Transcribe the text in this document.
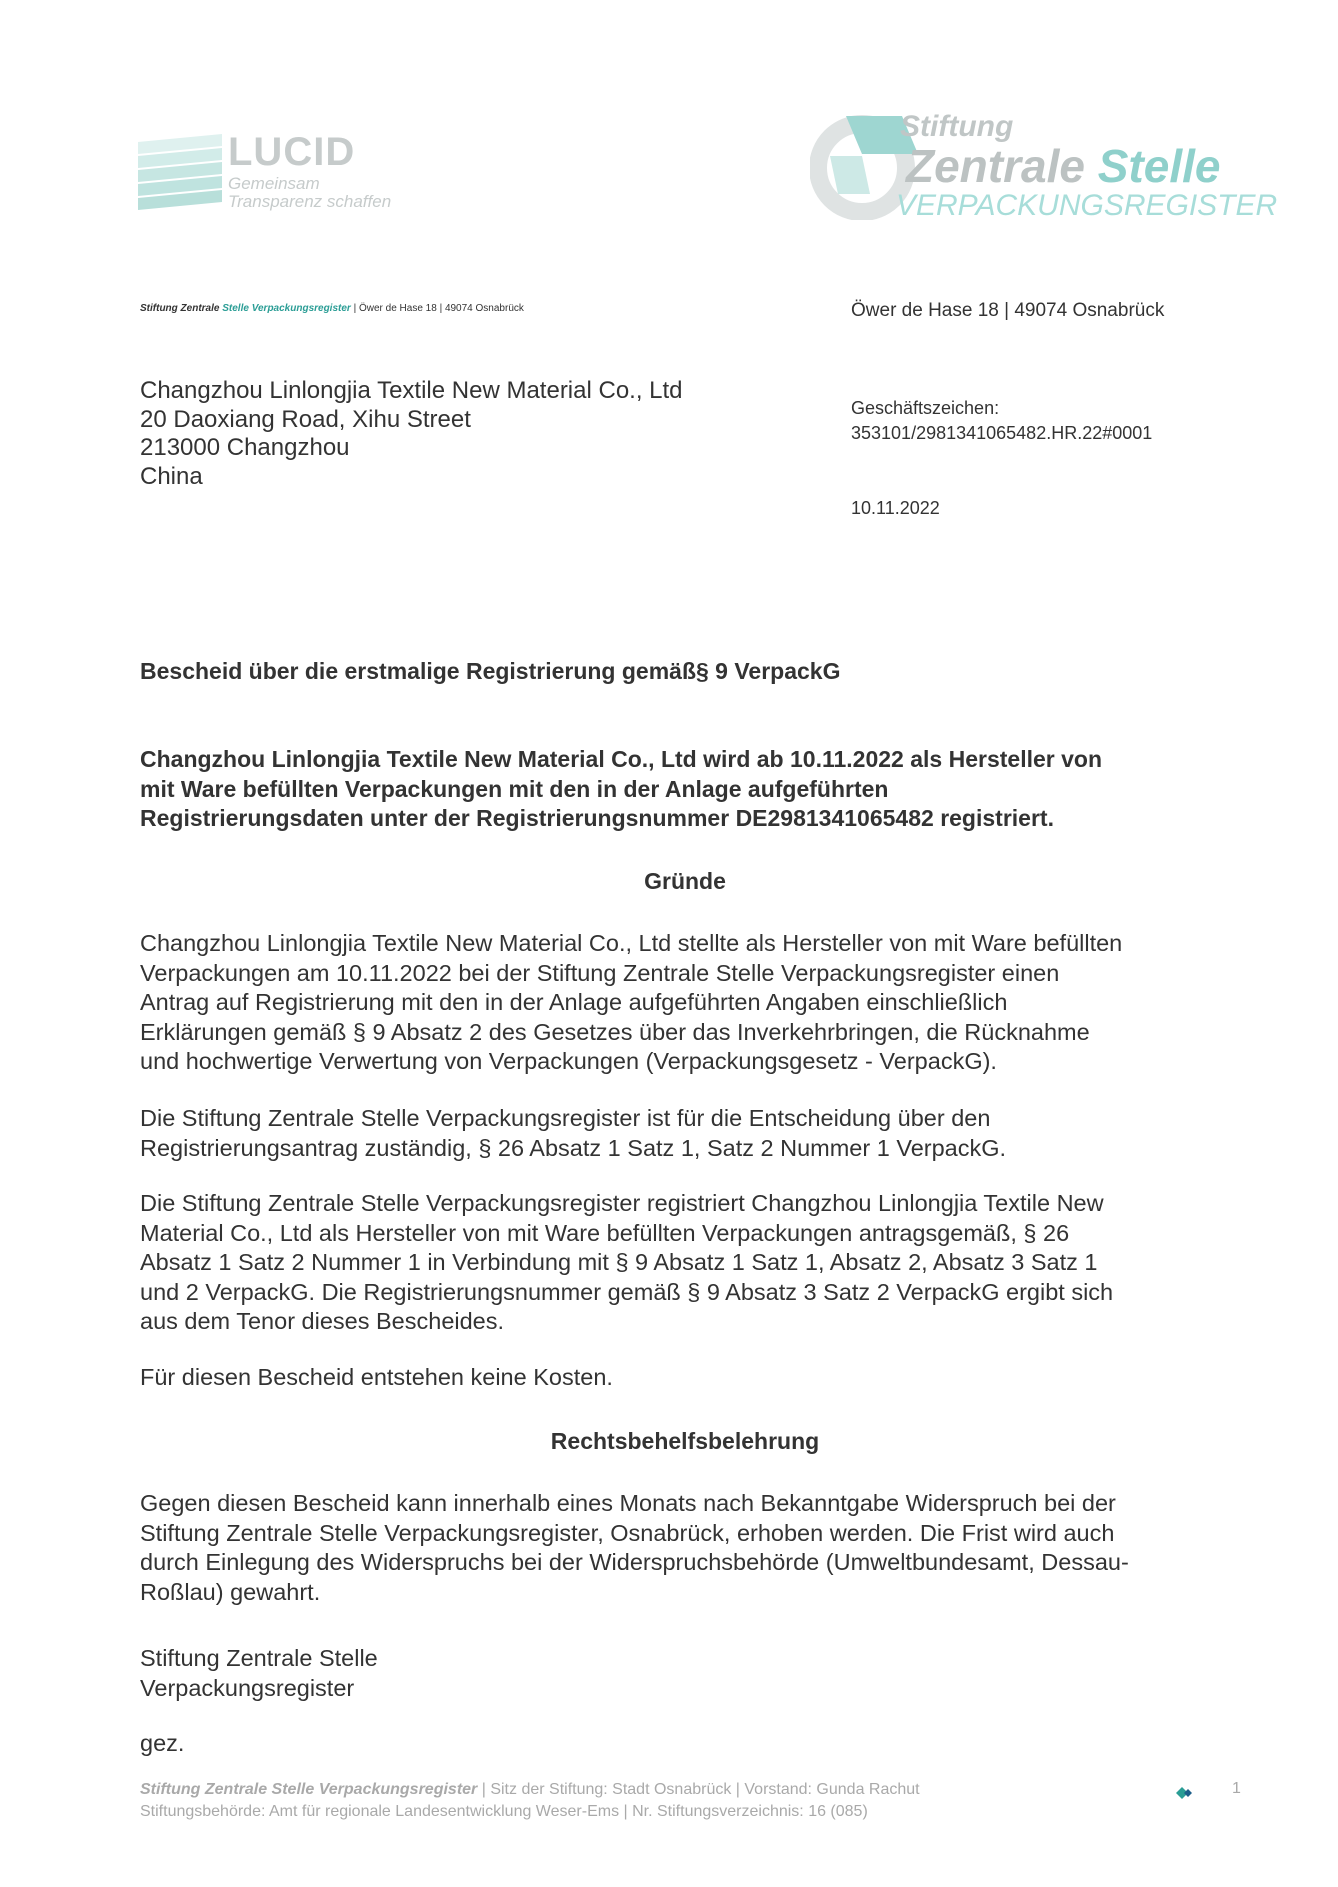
LUCID
Gemeinsam
Transparenz schaffen
Stiftung
Zentrale Stelle
VERPACKUNGSREGISTER
Stiftung Zentrale Stelle Verpackungsregister | Öwer de Hase 18 | 49074 Osnabrück	Öwer de Hase 18 | 49074 Osnabrück
Changzhou Linlongjia Textile New Material Co., Ltd
20 Daoxiang Road, Xihu Street
213000 Changzhou
China
Geschäftszeichen:
353101/2981341065482.HR.22#0001
10.11.2022
Bescheid über die erstmalige Registrierung gemäß§ 9 VerpackG
Changzhou Linlongjia Textile New Material Co., Ltd wird ab 10.11.2022 als Hersteller von
mit Ware befüllten Verpackungen mit den in der Anlage aufgeführten
Registrierungsdaten unter der Registrierungsnummer DE2981341065482 registriert.
Gründe
Changzhou Linlongjia Textile New Material Co., Ltd stellte als Hersteller von mit Ware befüllten
Verpackungen am 10.11.2022 bei der Stiftung Zentrale Stelle Verpackungsregister einen
Antrag auf Registrierung mit den in der Anlage aufgeführten Angaben einschließlich
Erklärungen gemäß § 9 Absatz 2 des Gesetzes über das Inverkehrbringen, die Rücknahme
und hochwertige Verwertung von Verpackungen (Verpackungsgesetz - VerpackG).
Die Stiftung Zentrale Stelle Verpackungsregister ist für die Entscheidung über den
Registrierungsantrag zuständig, § 26 Absatz 1 Satz 1, Satz 2 Nummer 1 VerpackG.
Die Stiftung Zentrale Stelle Verpackungsregister registriert Changzhou Linlongjia Textile New
Material Co., Ltd als Hersteller von mit Ware befüllten Verpackungen antragsgemäß, § 26
Absatz 1 Satz 2 Nummer 1 in Verbindung mit § 9 Absatz 1 Satz 1, Absatz 2, Absatz 3 Satz 1
und 2 VerpackG. Die Registrierungsnummer gemäß § 9 Absatz 3 Satz 2 VerpackG ergibt sich
aus dem Tenor dieses Bescheides.
Für diesen Bescheid entstehen keine Kosten.
Rechtsbehelfsbelehrung
Gegen diesen Bescheid kann innerhalb eines Monats nach Bekanntgabe Widerspruch bei der
Stiftung Zentrale Stelle Verpackungsregister, Osnabrück, erhoben werden. Die Frist wird auch
durch Einlegung des Widerspruchs bei der Widerspruchsbehörde (Umweltbundesamt, Dessau-
Roßlau) gewahrt.
Stiftung Zentrale Stelle
Verpackungsregister
gez.
Stiftung Zentrale Stelle Verpackungsregister | Sitz der Stiftung: Stadt Osnabrück | Vorstand: Gunda Rachut
Stiftungsbehörde: Amt für regionale Landesentwicklung Weser-Ems | Nr. Stiftungsverzeichnis: 16 (085)
1
